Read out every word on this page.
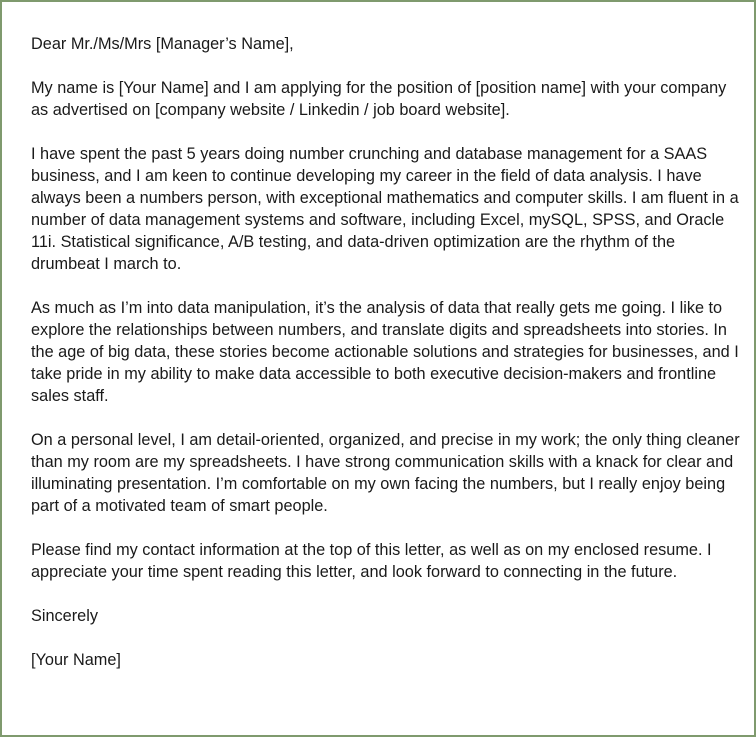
Dear Mr./Ms/Mrs [Manager’s Name],

My name is [Your Name] and I am applying for the position of [position name] with your company as advertised on [company website / Linkedin / job board website].

I have spent the past 5 years doing number crunching and database management for a SAAS business, and I am keen to continue developing my career in the field of data analysis. I have always been a numbers person, with exceptional mathematics and computer skills. I am fluent in a number of data management systems and software, including Excel, mySQL, SPSS, and Oracle 11i. Statistical significance, A/B testing, and data-driven optimization are the rhythm of the drumbeat I march to.

As much as I’m into data manipulation, it’s the analysis of data that really gets me going. I like to explore the relationships between numbers, and translate digits and spreadsheets into stories. In the age of big data, these stories become actionable solutions and strategies for businesses, and I take pride in my ability to make data accessible to both executive decision-makers and frontline sales staff.

On a personal level, I am detail-oriented, organized, and precise in my work; the only thing cleaner than my room are my spreadsheets. I have strong communication skills with a knack for clear and illuminating presentation. I’m comfortable on my own facing the numbers, but I really enjoy being part of a motivated team of smart people.

Please find my contact information at the top of this letter, as well as on my enclosed resume. I appreciate your time spent reading this letter, and look forward to connecting in the future.

Sincerely

[Your Name]
